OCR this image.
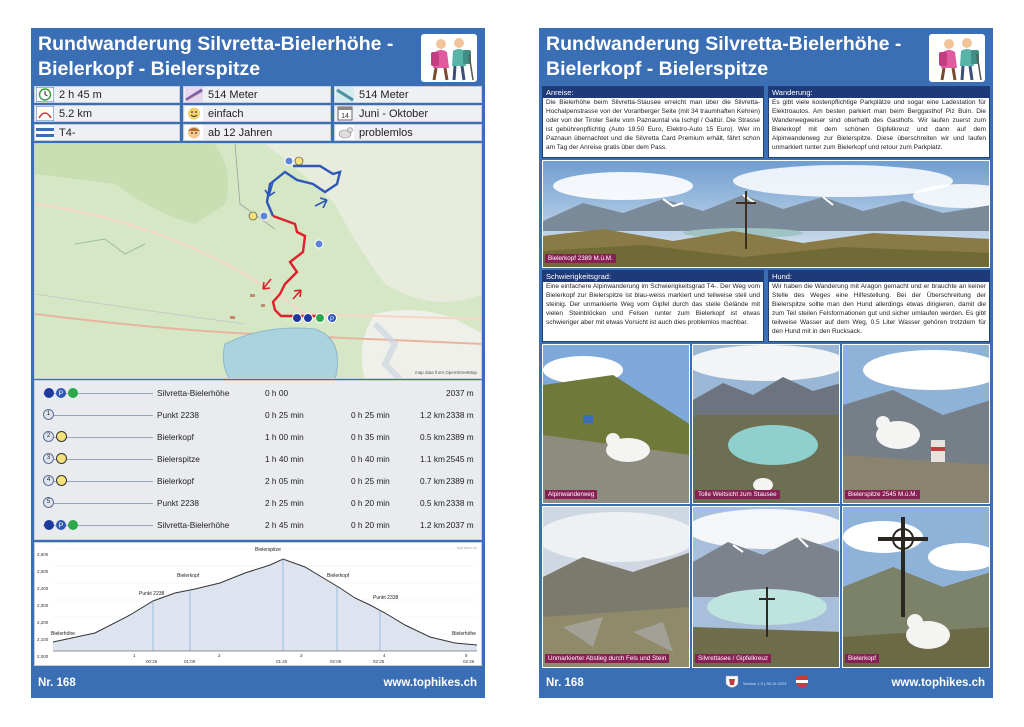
Rundwanderung Silvretta-Bielerhöhe - Bielerkopf - Bielerspitze
2 h 45 m	514 Meter	514 Meter
5.2 km	einfach	14 Juni - Oktober
T4-	ab 12 Jahren	problemlos
P
map data from OpenStreetMap
P	Silvretta-Bielerhöhe	0 h 00	2037 m
1	Punkt 2238	0 h 25 min	0 h 25 min	1.2 km 2338 m
2	Bielerkopf	1 h 00 min	0 h 35 min	0.5 km 2389 m
3	Bielerspitze	1 h 40 min	0 h 40 min	1.1 km 2545 m
4	Bielerkopf	2 h 05 min	0 h 25 min	0.7 km 2389 m
5	Punkt 2238	2 h 25 min	0 h 20 min	0.5 km 2338 m
P	Silvretta-Bielerhöhe	2 h 45 min	0 h 20 min	1.2 km 2037 m
2,600
2,500
2,400
2,300
2,200
2,100
2,000
tophikes.ch
Bielerhöhe
Punkt 2238
Bielerkopf
Bielerspitze
Bielerkopf
Punkt 2338
Bielerhöhe
1	2	3	4	5
00:25	01:00	01:40	02:05	02:25	02:45
Nr. 168	www.tophikes.ch
Rundwanderung Silvretta-Bielerhöhe - Bielerkopf - Bielerspitze
Anreise:
Die Bielerhöhe beim Silvretta-Stausee erreicht man über die Silvretta-Hochalpenstrasse von der Vorarlberger Seite (mit 34 traumhaften Kehren) oder von der Tiroler Seite vom Paznauntal via Ischgl / Galtür. Die Strasse ist gebührenpflichtig (Auto 19.50 Euro, Elektro-Auto 15 Euro). Wer im Paznaun übernachtet und die Silvretta Card Premium erhält, fährt schon am Tag der Anreise gratis über dem Pass.
Wanderung:
Es gibt viele kostenpflichtige Parkplätze und sogar eine Ladestation für Elektroautos. Am besten parkiert man beim Berggasthof Piz Buin. Die Wanderwegweiser sind oberhalb des Gasthofs. Wir laufen zuerst zum Bielerkopf mit dem schönen Gipfelkreuz und dann auf dem Alpinwanderweg zur Bielerspitze. Diese überschreiten wir und laufen unmarkiert runter zum Bielerkopf und retour zum Parkplatz.
Bielerkopf 2389 M.ü.M.
Schwierigkeitsgrad:
Eine einfachere Alpinwanderung im Schwierigkeitsgrad T4-. Der Weg vom Bielerkopf zur Bielerspitze ist blau-weiss markiert und teilweise steil und steinig. Der unmarkierte Weg vom Gipfel durch das steile Gelände mit vielen Steinblöcken und Felsen runter zum Bielerkopf ist etwas schwieriger aber mit etwas Vorsicht ist auch dies problemlos machbar.
Hund:
Wir haben die Wanderung mit Aragon gemacht und er brauchte an keiner Stelle des Weges eine Hilfestellung. Bei der Überschreitung der Bielerspitze sollte man den Hund allerdings etwas dirigieren, damit die zum Teil steilen Felsformationen gut und sicher umlaufen werden. Es gibt teilweise Wasser auf dem Weg, 0.5 Liter Wasser gehören trotzdem für den Hund mit in den Rucksack.
Alpinwanderweg	Tolle Weitsicht zum Stausee	Bielerspitze 2545 M.ü.M.
Unmarkierter Abstieg durch Fels und Stein	Silvrettasee / Gipfelkreuz	Bielerkopf
Nr. 168	Version 1.0 | 08.10.2023	www.tophikes.ch
